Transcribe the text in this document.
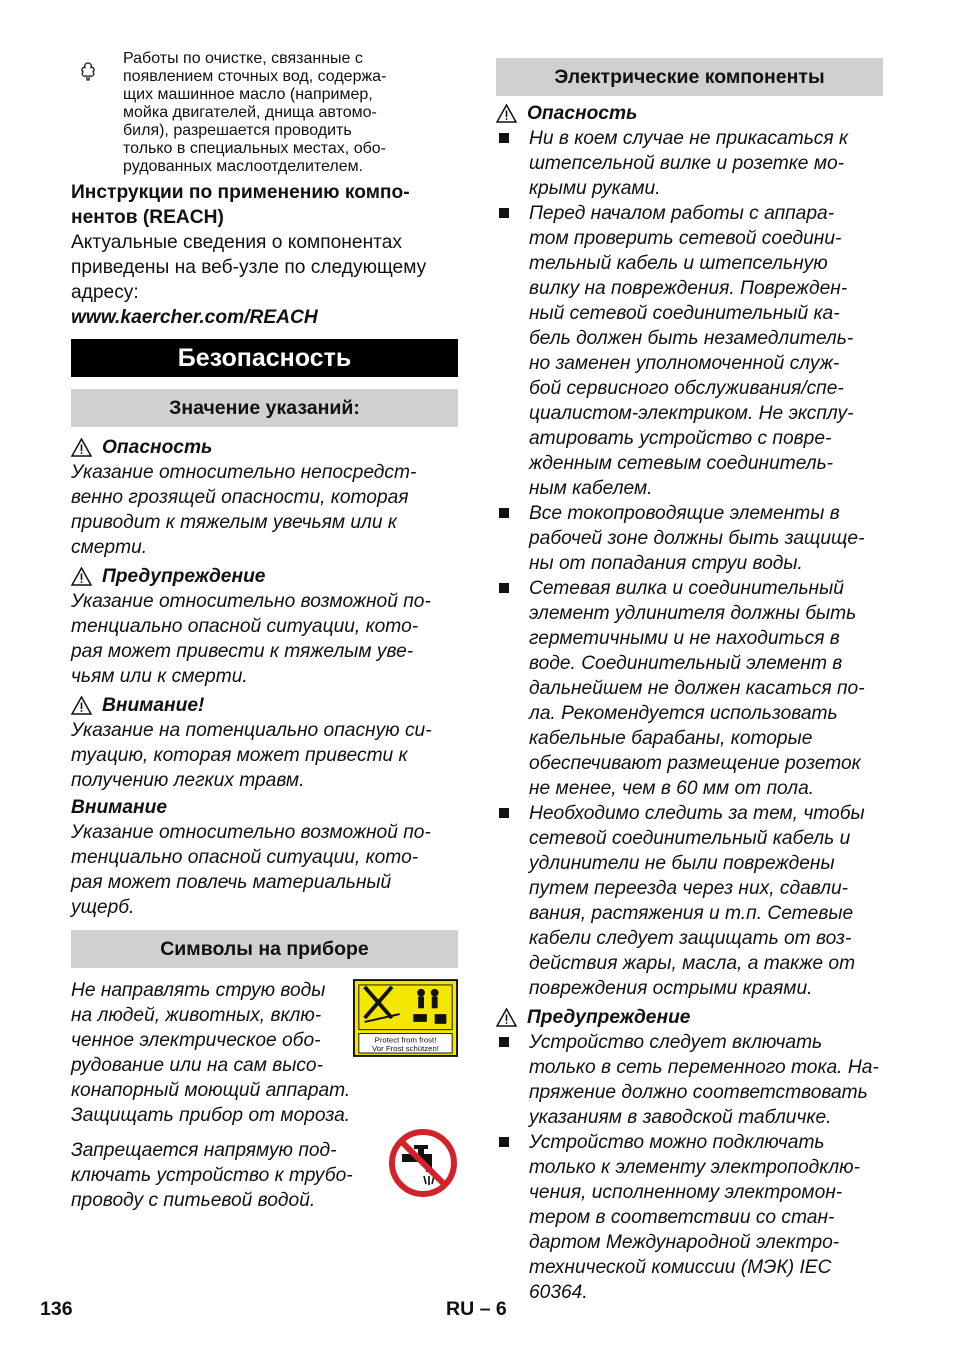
Работы по очистке, связанные с
появлением сточных вод, содержа-
щих машинное масло (например,
мойка двигателей, днища автомо-
биля), разрешается проводить
только в специальных местах, обо-
рудованных маслоотделителем.
Инструкции по применению компо-
нентов (REACH)
Актуальные сведения о компонентах
приведены на веб-узле по следующему
адресу:

www.kaercher.com/REACH

Безопасность
Значение указаний:
Опасность
Указание относительно непосредст-
венно грозящей опасности, которая
приводит к тяжелым увечьям или к
смерти.
Предупреждение
Указание относительно возможной по-
тенциально опасной ситуации, кото-
рая может привести к тяжелым уве-
чьям или к смерти.
Внимание!
Указание на потенциально опасную си-
туацию, которая может привести к
получению легких травм.

Внимание

Указание относительно возможной по-
тенциально опасной ситуации, кото-
рая может повлечь материальный
ущерб.
Символы на приборе
Не направлять струю воды
на людей, животных, вклю-
ченное электрическое обо-
рудование или на сам высо-
конапорный моющий аппарат.
Защищать прибор от мороза.
Protect from frost!
Vor Frost schützen!
Запрещается напрямую под-
ключать устройство к трубо-
проводу с питьевой водой.
Электрические компоненты
Опасность
Ни в коем случае не прикасаться к
штепсельной вилке и розетке мо-
крыми руками.
Перед началом работы с аппара-
том проверить сетевой соедини-
тельный кабель и штепсельную
вилку на повреждения. Поврежден-
ный сетевой соединительный ка-
бель должен быть незамедлитель-
но заменен уполномоченной служ-
бой сервисного обслуживания/спе-
циалистом-электриком. Не эксплу-
атировать устройство с повре-
жденным сетевым соединитель-
ным кабелем.
Все токопроводящие элементы в
рабочей зоне должны быть защище-
ны от попадания струи воды.
Сетевая вилка и соединительный
элемент удлинителя должны быть
герметичными и не находиться в
воде. Соединительный элемент в
дальнейшем не должен касаться по-
ла. Рекомендуется использовать
кабельные барабаны, которые
обеспечивают размещение розеток
не менее, чем в 60 мм от пола.
Необходимо следить за тем, чтобы
сетевой соединительный кабель и
удлинители не были повреждены
путем переезда через них, сдавли-
вания, растяжения и т.п. Сетевые
кабели следует защищать от воз-
действия жары, масла, а также от
повреждения острыми краями.
Предупреждение
Устройство следует включать
только в сеть переменного тока. На-
пряжение должно соответствовать
указаниям в заводской табличке.
Устройство можно подключать
только к элементу электроподклю-
чения, исполненному электромон-
тером в соответствии со стан-
дартом Международной электро-
технической комиссии (МЭК) IEC
60364.
136	RU – 6
